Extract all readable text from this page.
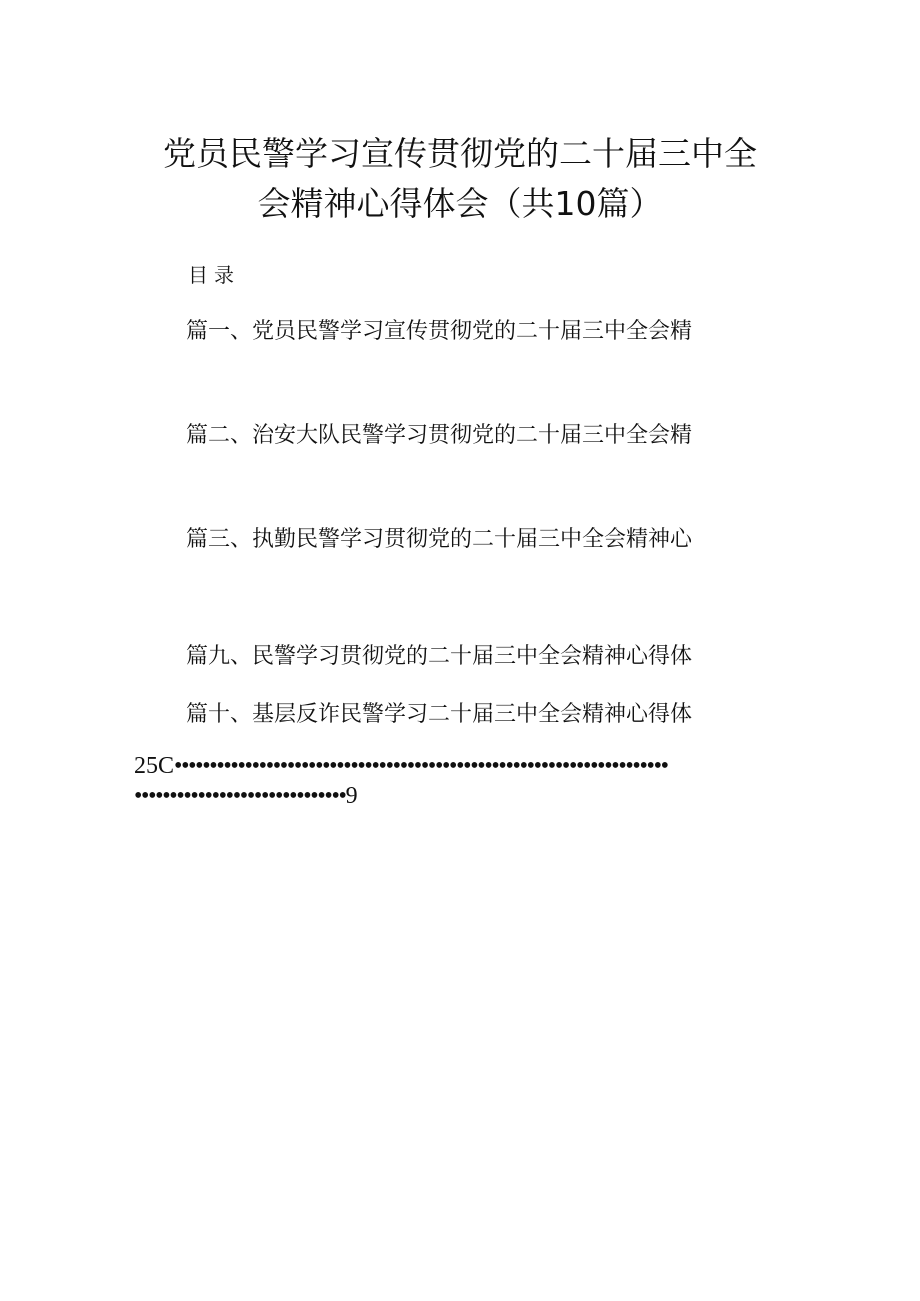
党员民警学习宣传贯彻党的二十届三中全
会精神心得体会（共10篇）
目录
篇一、党员民警学习宣传贯彻党的二十届三中全会精
篇二、治安大队民警学习贯彻党的二十届三中全会精
篇三、执勤民警学习贯彻党的二十届三中全会精神心
篇九、民警学习贯彻党的二十届三中全会精神心得体
篇十、基层反诈民警学习二十届三中全会精神心得体
25C••••••••••••••••••••••••••••••••••••••••••••••••••••••••••••••••••••••
••••••••••••••••••••••••••••••9
